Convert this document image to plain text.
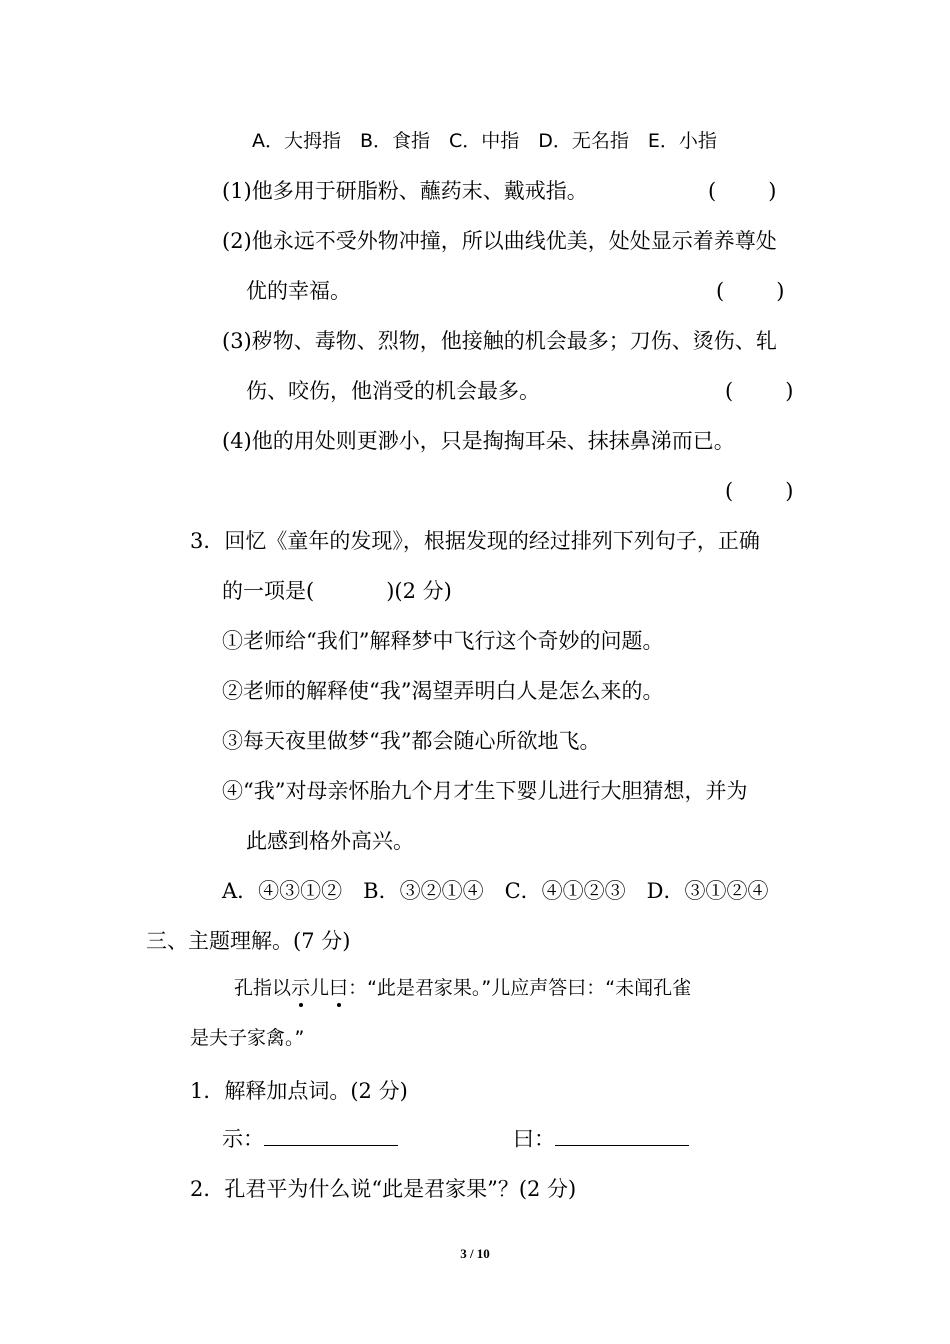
A．大拇指　B．食指　C．中指　D．无名指　E．小指
(1)他多用于研脂粉、蘸药末、戴戒指。	( )
(2)他永远不受外物冲撞，所以曲线优美，处处显示着养尊处
优的幸福。	( )
(3)秽物、毒物、烈物，他接触的机会最多；刀伤、烫伤、轧
伤、咬伤，他消受的机会最多。	( )
(4)他的用处则更渺小，只是掏掏耳朵、抹抹鼻涕而已。
( )
3．回忆《童年的发现》，根据发现的经过排列下列句子，正确
的一项是(	)(2 分)
①老师给“我们”解释梦中飞行这个奇妙的问题。
②老师的解释使“我”渴望弄明白人是怎么来的。
③每天夜里做梦“我”都会随心所欲地飞。
④“我”对母亲怀胎九个月才生下婴儿进行大胆猜想，并为
此感到格外高兴。
A．④③①②　B．③②①④　C．④①②③　D．③①②④
三、主题理解。(7 分)
孔指以示儿曰：“此是君家果。”儿应声答曰：“未闻孔雀
是夫子家禽。”
1．解释加点词。(2 分)
示：	曰：
2．孔君平为什么说“此是君家果”？(2 分)
3 / 10
